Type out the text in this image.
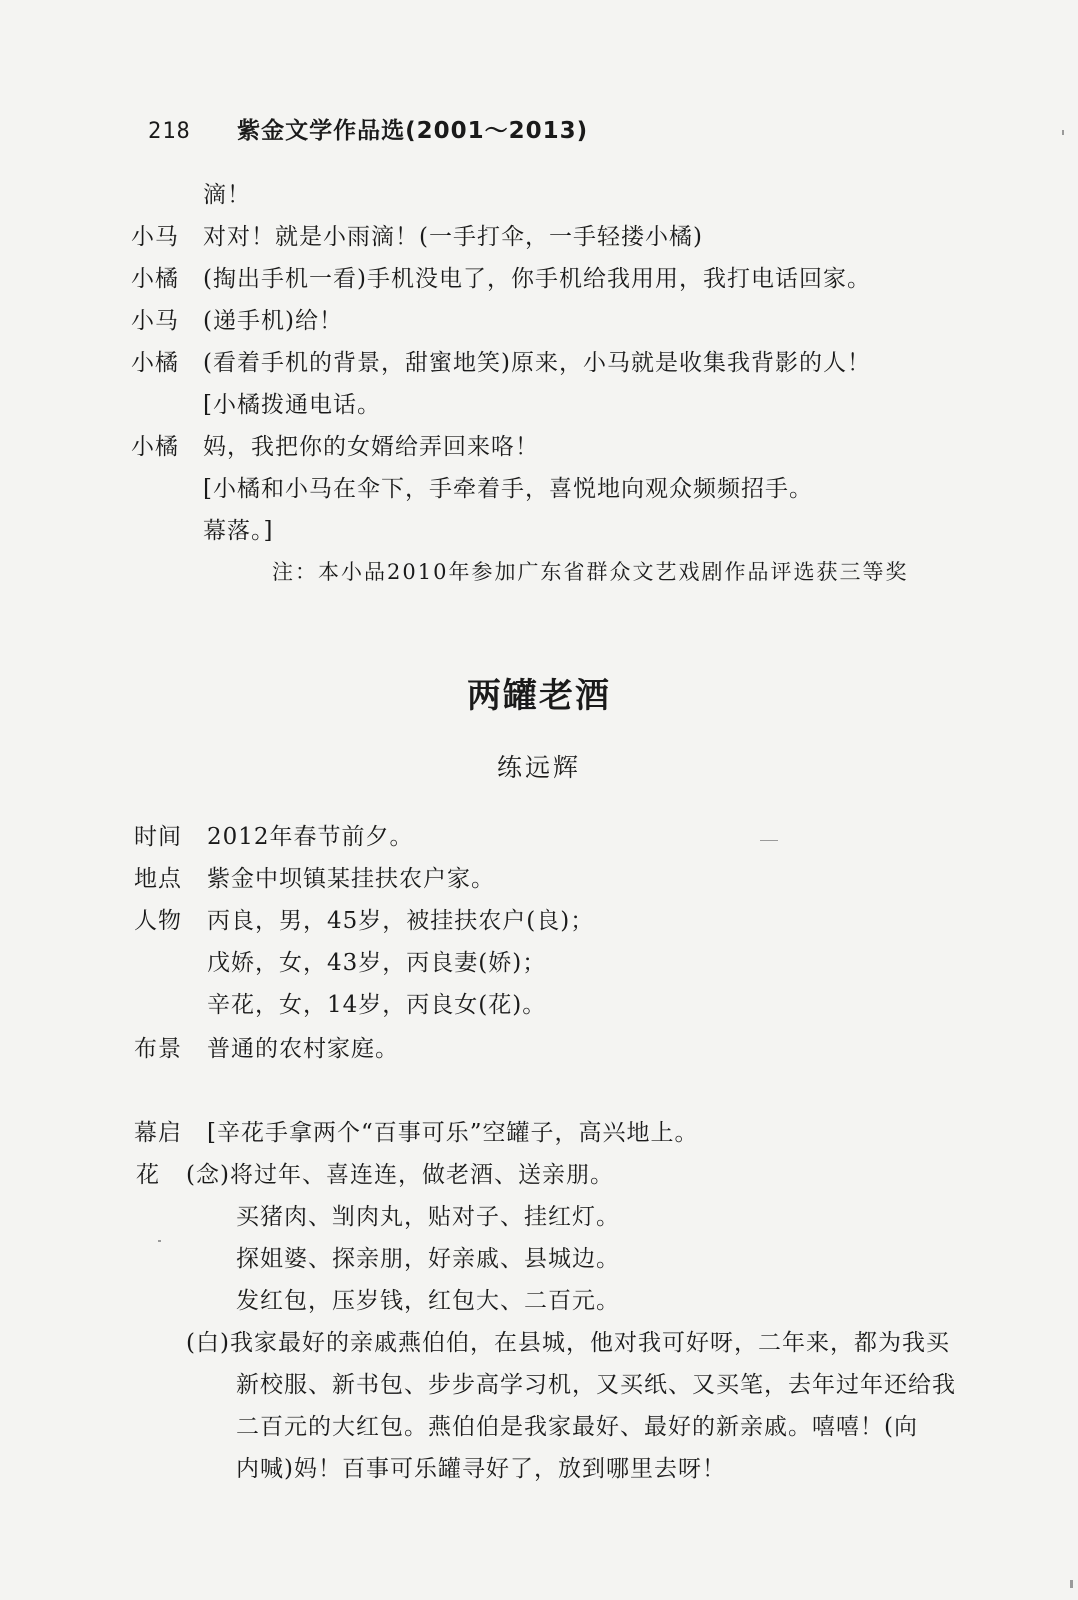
218 紫金文学作品选(2001～2013)
滴！
小马 对对！就是小雨滴！(一手打伞，一手轻搂小橘)
小橘 (掏出手机一看)手机没电了，你手机给我用用，我打电话回家。
小马 (递手机)给！
小橘 (看着手机的背景，甜蜜地笑)原来，小马就是收集我背影的人！
[小橘拨通电话。
小橘 妈，我把你的女婿给弄回来咯！
[小橘和小马在伞下，手牵着手，喜悦地向观众频频招手。
幕落。]
注：本小品2010年参加广东省群众文艺戏剧作品评选获三等奖
两罐老酒
练远辉
时间 2012年春节前夕。
地点 紫金中坝镇某挂扶农户家。
人物 丙良，男，45岁，被挂扶农户(良)；
戊娇，女，43岁，丙良妻(娇)；
辛花，女，14岁，丙良女(花)。
布景 普通的农村家庭。
幕启 [辛花手拿两个“百事可乐”空罐子，高兴地上。
花 (念)将过年、喜连连，做老酒、送亲朋。
买猪肉、㓥肉丸，贴对子、挂红灯。
探姐婆、探亲朋，好亲戚、县城边。
发红包，压岁钱，红包大、二百元。
(白)我家最好的亲戚燕伯伯，在县城，他对我可好呀，二年来，都为我买
新校服、新书包、步步高学习机，又买纸、又买笔，去年过年还给我
二百元的大红包。燕伯伯是我家最好、最好的新亲戚。嘻嘻！(向
内喊)妈！百事可乐罐寻好了，放到哪里去呀！
